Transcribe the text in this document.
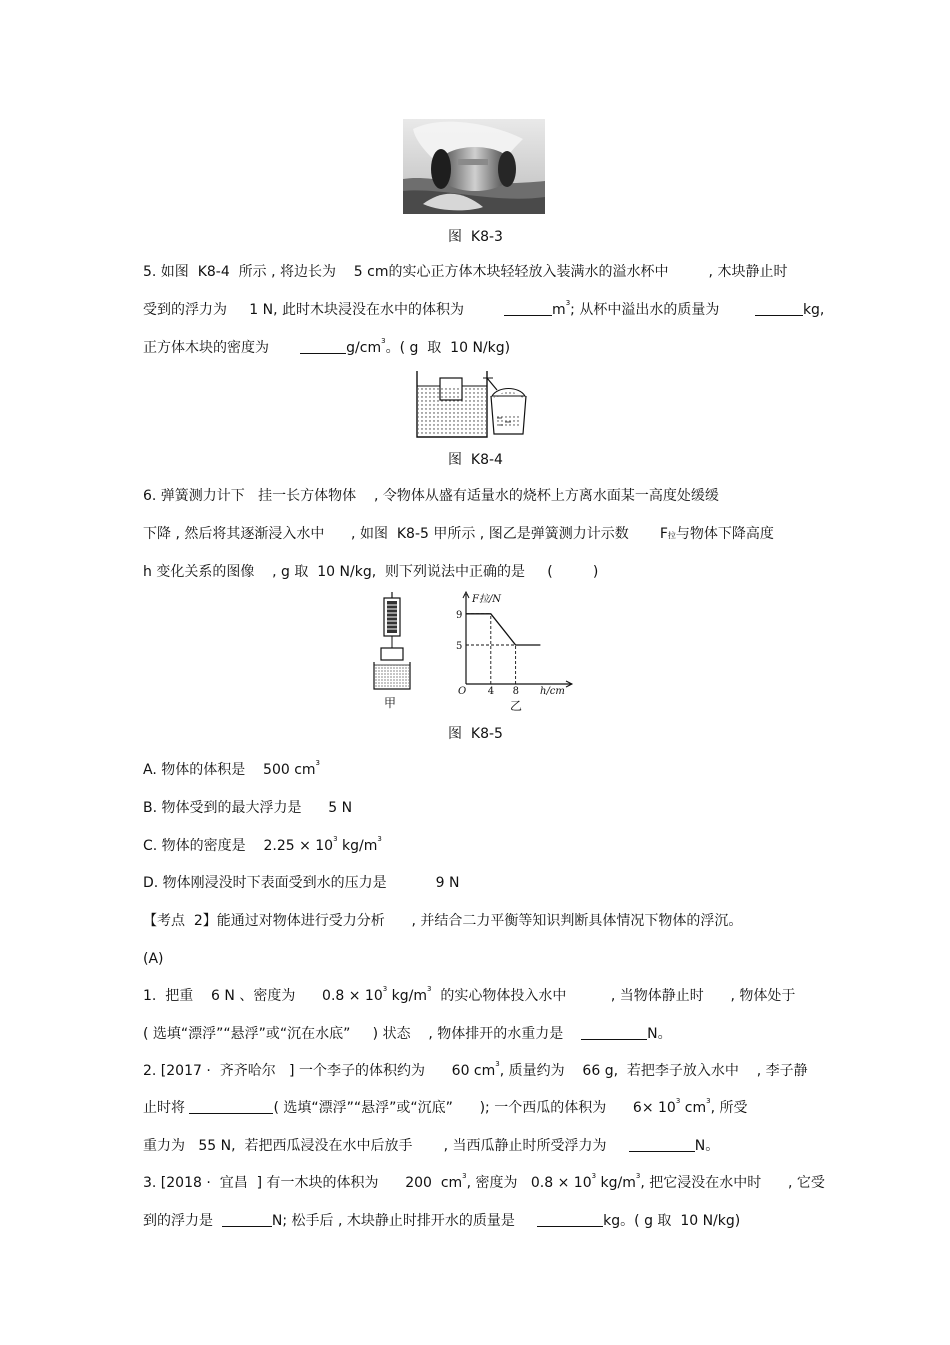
图  K8-3
5. 如图  K8-4  所示 , 将边长为    5 cm的实心正方体木块轻轻放入装满水的溢水杯中         , 木块静止时
受到的浮力为     1 N, 此时木块浸没在水中的体积为	$m^3$; 从杯中溢出水的质量为	kg,
正方体木块的密度为	$g/cm^3$。( g  取  10 N/kg)
图  K8-4
6. 弹簧测力计下   挂一长方体物体    , 令物体从盛有适量水的烧杯上方离水面某一高度处缓缓
下降 , 然后将其逐渐浸入水中      , 如图  K8-5 甲所示 , 图乙是弹簧测力计示数       F拉与物体下降高度
h 变化关系的图像    , g 取  10 N/kg,  则下列说法中正确的是     (         )
甲
4 8
9
5
F拉/N
h/cm
O
乙
图  K8-5
A. 物体的体积是    500 $cm^3$
B. 物体受到的最大浮力是      5 N
C. 物体的密度是    $2.25 \times 10^3$ $kg/m^3$
D. 物体刚浸没时下表面受到水的压力是           9 N
【考点  2】能通过对物体进行受力分析      , 并结合二力平衡等知识判断具体情况下物体的浮沉。
(A)
1.  把重    6 N 、密度为      $0.8 \times 10^3$ $kg/m^3$  的实心物体投入水中          , 当物体静止时      , 物体处于
( 选填“漂浮”“悬浮”或“沉在水底”     ) 状态    , 物体排开的水重力是	N。
2. [2017 ·  齐齐哈尔   ] 一个李子的体积约为      60 $cm^3$, 质量约为    66 g,  若把李子放入水中    , 李子静
止时将	( 选填“漂浮”“悬浮”或“沉底”      ); 一个西瓜的体积为 $6\times 10^3$ $cm^3$, 所受
重力为   55 N,  若把西瓜浸没在水中后放手       , 当西瓜静止时所受浮力为	N。
3. [2018 ·  宜昌  ] 有一木块的体积为      200  $cm^3$, 密度为   $0.8 \times 10^3$ $kg/m^3$, 把它浸没在水中时      , 它受
到的浮力是	N; 松手后 , 木块静止时排开水的质量是	kg。( g 取  10 N/kg)
